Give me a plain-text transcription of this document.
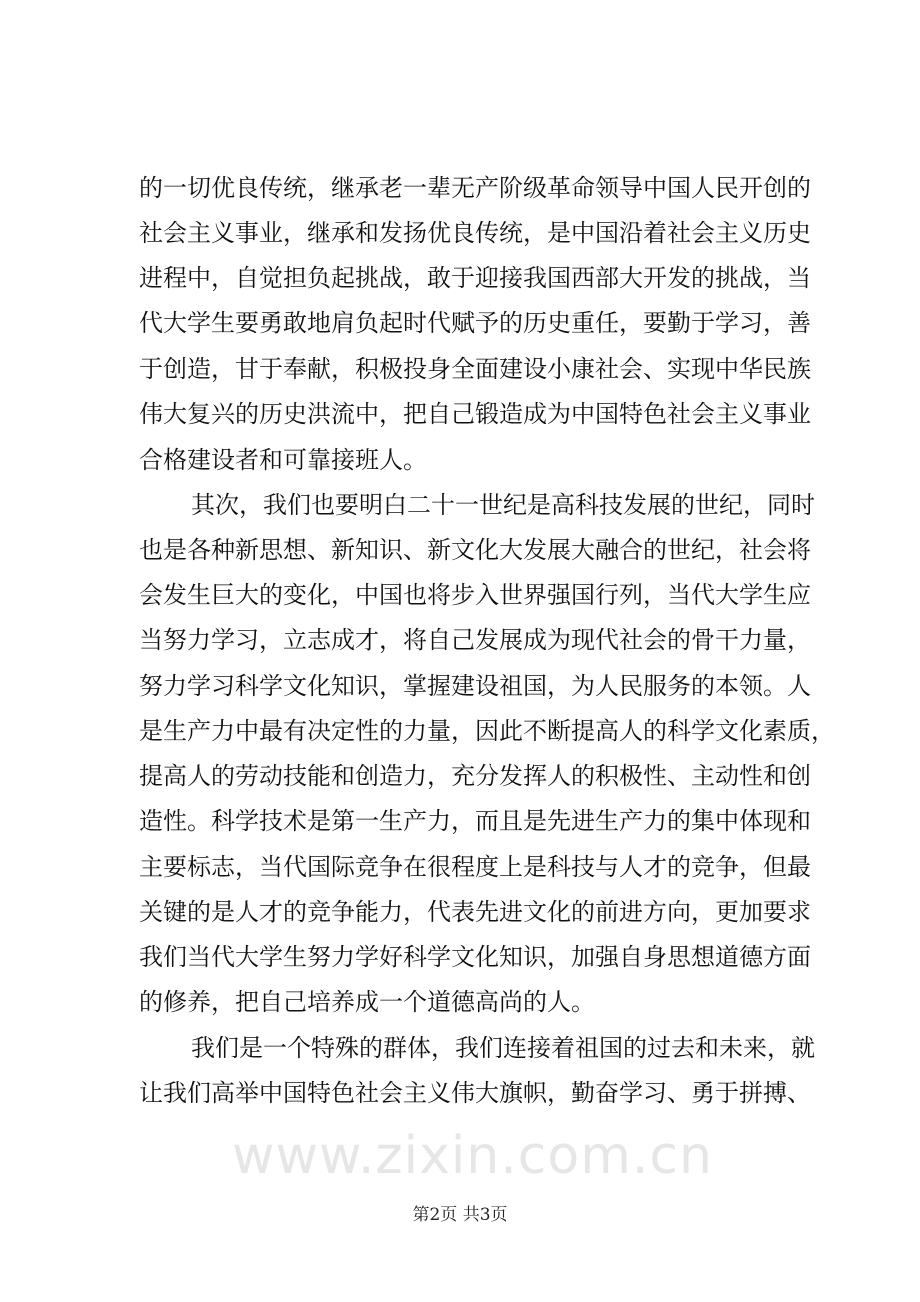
的一切优良传统，继承老一辈无产阶级革命领导中国人民开创的
社会主义事业，继承和发扬优良传统，是中国沿着社会主义历史
进程中，自觉担负起挑战，敢于迎接我国西部大开发的挑战，当
代大学生要勇敢地肩负起时代赋予的历史重任，要勤于学习，善
于创造，甘于奉献，积极投身全面建设小康社会、实现中华民族
伟大复兴的历史洪流中，把自己锻造成为中国特色社会主义事业
合格建设者和可靠接班人。
其次，我们也要明白二十一世纪是高科技发展的世纪，同时
也是各种新思想、新知识、新文化大发展大融合的世纪，社会将
会发生巨大的变化，中国也将步入世界强国行列，当代大学生应
当努力学习，立志成才，将自己发展成为现代社会的骨干力量，
努力学习科学文化知识，掌握建设祖国，为人民服务的本领。人
是生产力中最有决定性的力量，因此不断提高人的科学文化素质，
提高人的劳动技能和创造力，充分发挥人的积极性、主动性和创
造性。科学技术是第一生产力，而且是先进生产力的集中体现和
主要标志，当代国际竞争在很程度上是科技与人才的竞争，但最
关键的是人才的竞争能力，代表先进文化的前进方向，更加要求
我们当代大学生努力学好科学文化知识，加强自身思想道德方面
的修养，把自己培养成一个道德高尚的人。
我们是一个特殊的群体，我们连接着祖国的过去和未来，就
让我们高举中国特色社会主义伟大旗帜，勤奋学习、勇于拼搏、
www.zixin.com.cn
第2页 共3页
